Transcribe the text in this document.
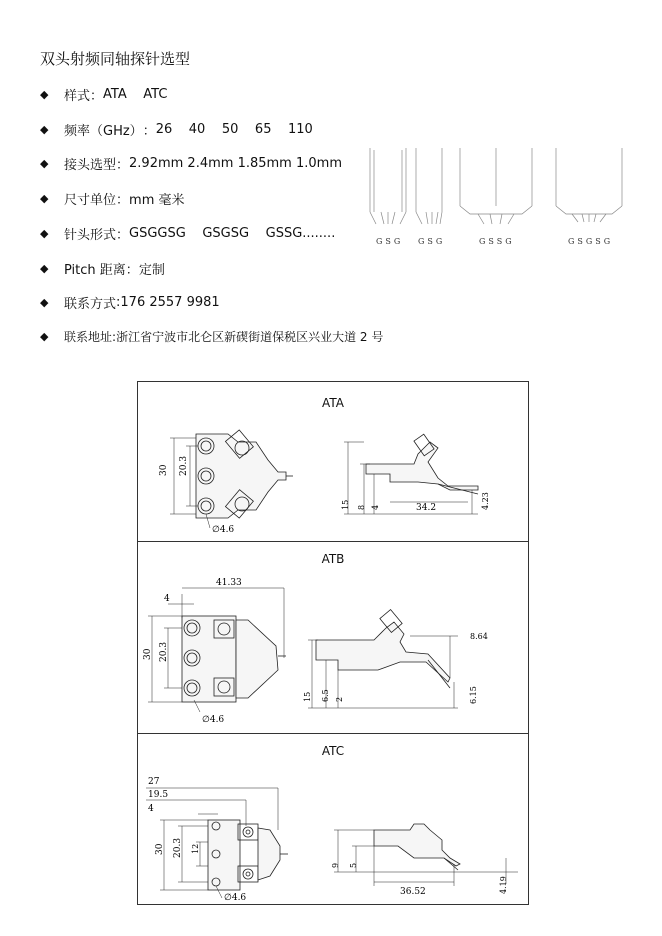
双头射频同轴探针选型
◆	样式 ： ATA    ATC
◆	频率（GHz） ： 26    40    50    65    110
◆	接头选型 ： 2.92mm 2.4mm 1.85mm 1.0mm
◆	尺寸单位 ： mm 毫米
◆	针头形式 ： GSGGSG    GSGSG    GSSG........
◆	Pitch 距离 ： 定制
◆	联系方式 : 176 2557 9981
◆	联系地址 : 浙江省宁波市北仑区新碶街道保税区兴业大道 2 号
GSG GSG	GSSG	GSGSG
ATA
30 20.3
∅4.6
15 8 4	34.2	4.23
ATB
41.33
4
30 20.3
∅4.6
8.64
15 6.5 2	6.15
ATC
27
19.5
4
30 20.3 12
∅4.6
9 5
36.52	4.19
